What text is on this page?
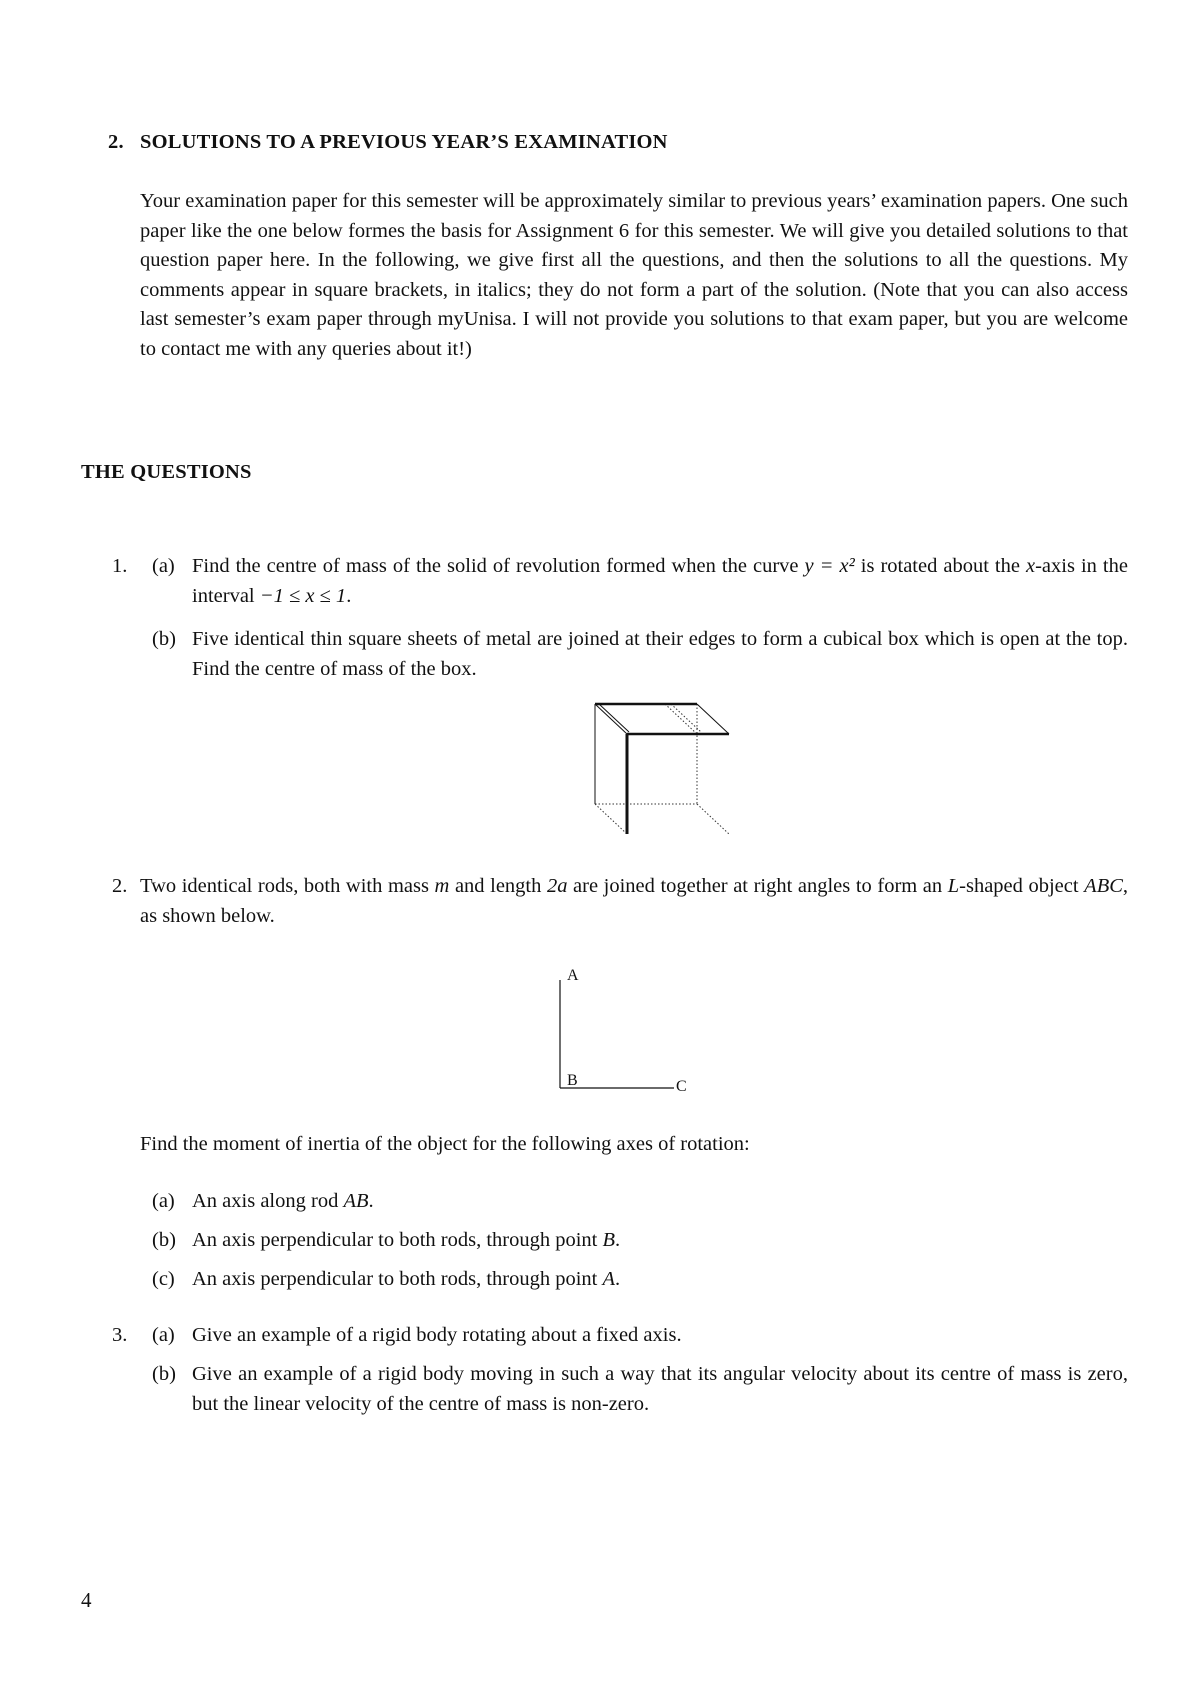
2. SOLUTIONS TO A PREVIOUS YEAR’S EXAMINATION
Your examination paper for this semester will be approximately similar to previous years’ examination papers. One such paper like the one below formes the basis for Assignment 6 for this semester. We will give you detailed solutions to that question paper here. In the following, we give first all the questions, and then the solutions to all the questions. My comments appear in square brackets, in italics; they do not form a part of the solution. (Note that you can also access last semester’s exam paper through myUnisa. I will not provide you solutions to that exam paper, but you are welcome to contact me with any queries about it!)
THE QUESTIONS
1. (a) Find the centre of mass of the solid of revolution formed when the curve y = x² is rotated about the x-axis in the interval −1 ≤ x ≤ 1.
(b) Five identical thin square sheets of metal are joined at their edges to form a cubical box which is open at the top. Find the centre of mass of the box.
2. Two identical rods, both with mass m and length 2a are joined together at right angles to form an L-shaped object ABC, as shown below.
A
B	C
Find the moment of inertia of the object for the following axes of rotation:
(a) An axis along rod AB.
(b) An axis perpendicular to both rods, through point B.
(c) An axis perpendicular to both rods, through point A.
3. (a) Give an example of a rigid body rotating about a fixed axis.
(b) Give an example of a rigid body moving in such a way that its angular velocity about its centre of mass is zero, but the linear velocity of the centre of mass is non-zero.
4
